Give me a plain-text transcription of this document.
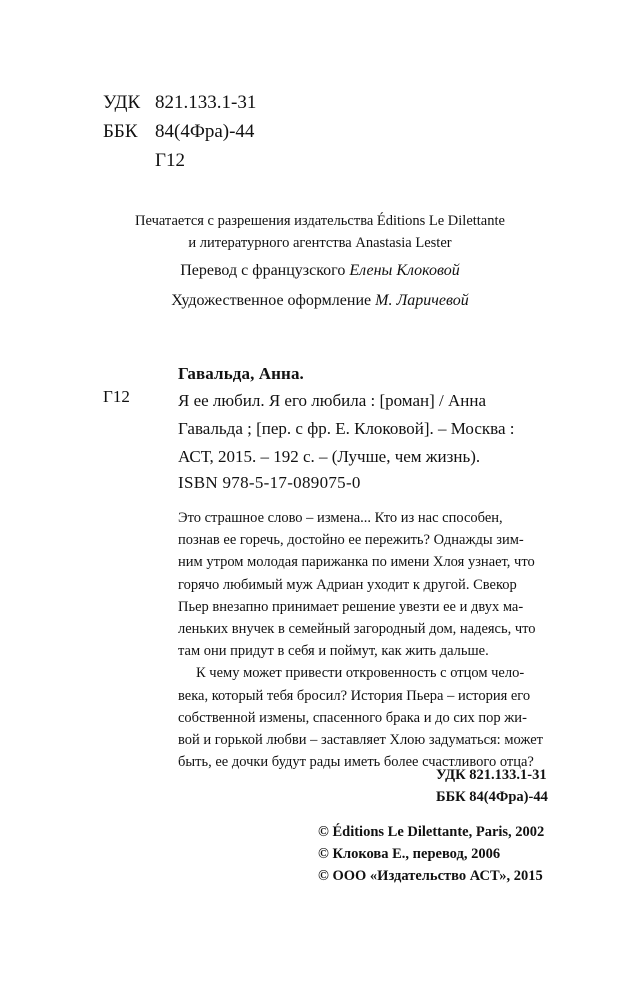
УДК 821.133.1-31
ББК 84(4Фра)-44
Г12
Печатается с разрешения издательства Éditions Le Dilettante
и литературного агентства Anastasia Lester
Перевод с французского Елены Клоковой
Художественное оформление М. Ларичевой
Гавальда, Анна.
Г12	Я ее любил. Я его любила : [роман] / Анна
Гавальда ; [пер. с фр. Е. Клоковой]. – Москва :
АСТ, 2015. – 192 с. – (Лучше, чем жизнь).
ISBN 978-5-17-089075-0
Это страшное слово – измена... Кто из нас способен,
познав ее горечь, достойно ее пережить? Однажды зим-
ним утром молодая парижанка по имени Хлоя узнает, что
горячо любимый муж Адриан уходит к другой. Свекор
Пьер внезапно принимает решение увезти ее и двух ма-
леньких внучек в семейный загородный дом, надеясь, что
там они придут в себя и поймут, как жить дальше.
К чему может привести откровенность с отцом чело-
века, который тебя бросил? История Пьера – история его
собственной измены, спасенного брака и до сих пор жи-
вой и горькой любви – заставляет Хлою задуматься: может
быть, ее дочки будут рады иметь более счастливого отца?
УДК 821.133.1-31
ББК 84(4Фра)-44
© Éditions Le Dilettante, Paris, 2002
© Клокова Е., перевод, 2006
© ООО «Издательство АСТ», 2015
